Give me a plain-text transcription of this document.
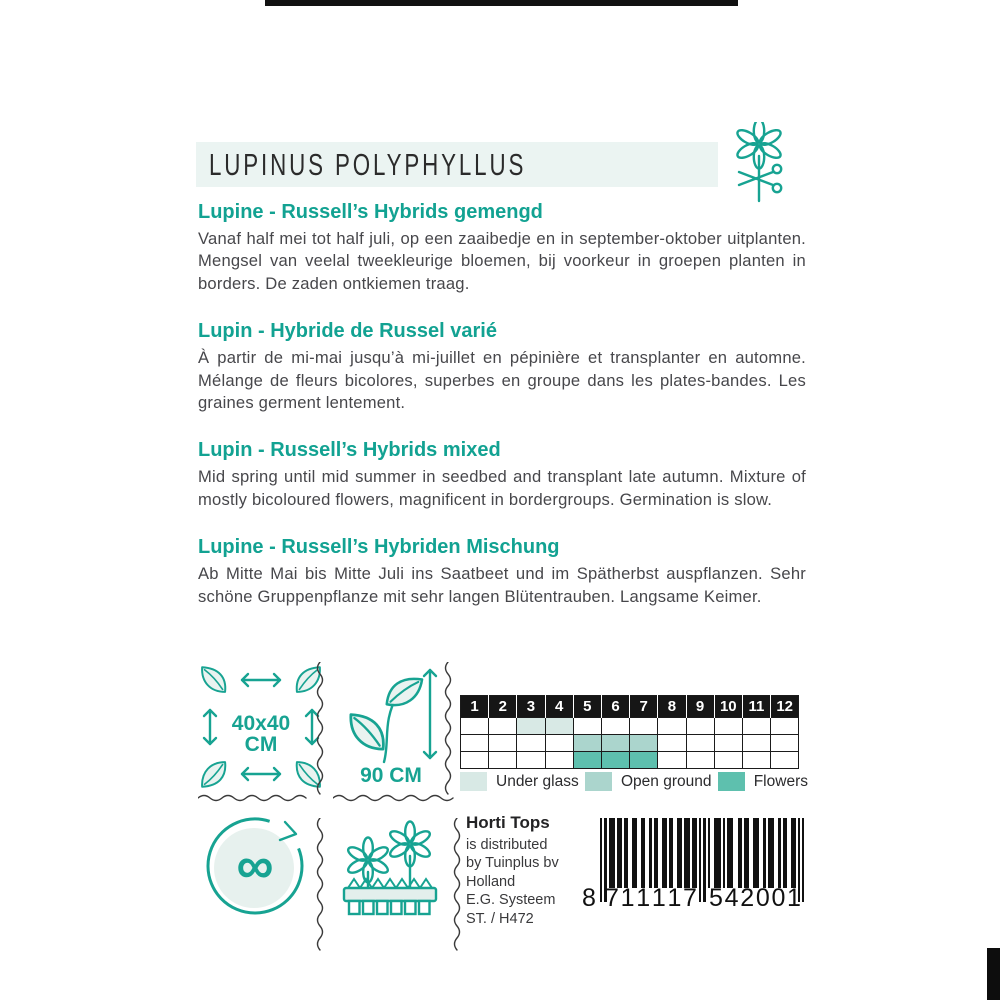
LUPINUS POLYPHYLLUS
Lupine - Russell’s Hybrids gemengd

Vanaf half mei tot half juli, op een zaaibedje en in september-oktober uitplanten. Mengsel van veelal tweekleurige bloemen, bij voorkeur in groepen planten in borders. De zaden ontkiemen traag.

Lupin - Hybride de Russel varié

À partir de mi-mai jusqu’à mi-juillet en pépinière et transplanter en automne. Mélange de fleurs bicolores, superbes en groupe dans les plates-bandes. Les graines germent lentement.

Lupin - Russell’s Hybrids mixed

Mid spring until mid summer in seedbed and transplant late autumn. Mixture of mostly bicoloured flowers, magnificent in bordergroups. Germination is slow.

Lupine - Russell’s Hybriden Mischung

Ab Mitte Mai bis Mitte Juli ins Saatbeet und im Spätherbst auspflanzen. Sehr schöne Gruppenpflanze mit sehr langen Blütentrauben. Langsame Keimer.

40x40
CM
90 CM
1	2	3	4	5	6	7	8	9	10	11	12

Under glass	Open ground	Flowers
∞
Horti Tops
is distributed
by Tuinplus bv
Holland
E.G. Systeem
ST. / H472
8 7 1 1 1 1 7 5 4 2 0 0 1
